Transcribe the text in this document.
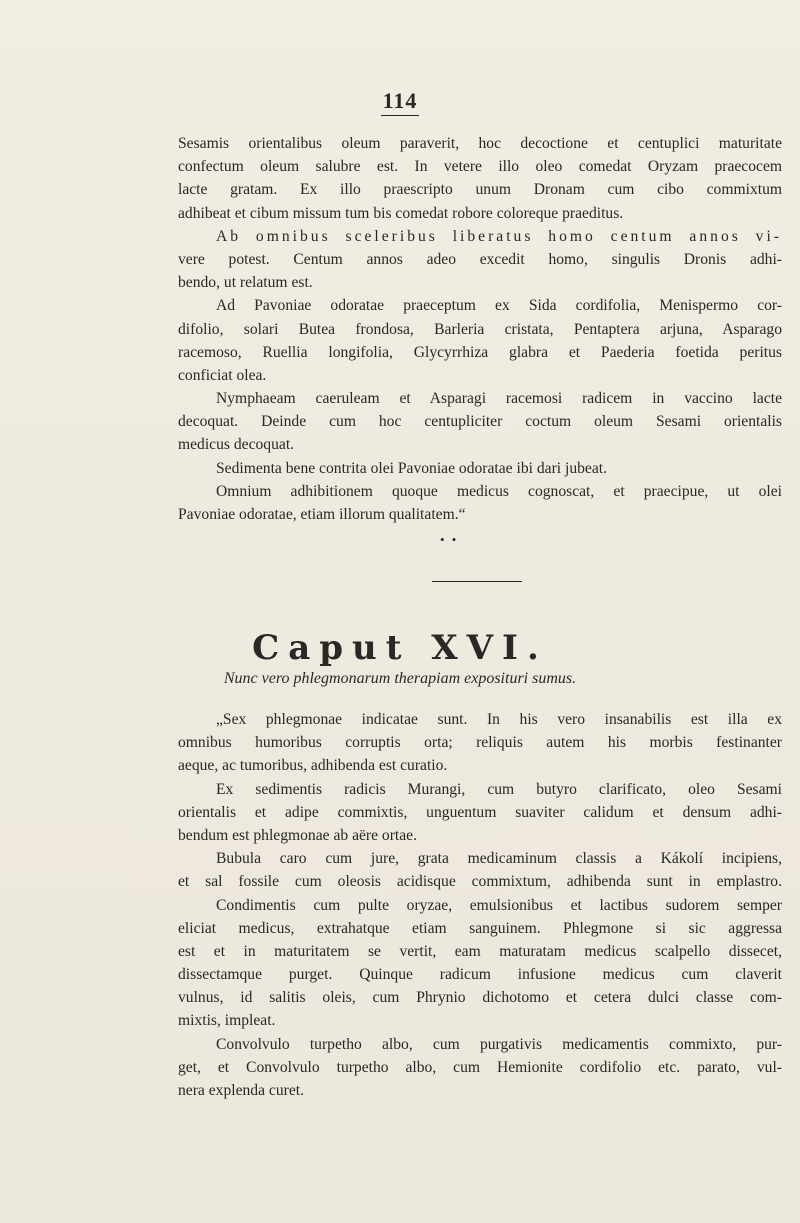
114
Sesamis orientalibus oleum paraverit, hoc decoctione et centuplici maturitate
confectum oleum salubre est. In vetere illo oleo comedat Oryzam praecocem
lacte gratam. Ex illo praescripto unum Dronam cum cibo commixtum
adhibeat et cibum missum tum bis comedat robore coloreque praeditus.
Ab omnibus sceleribus liberatus homo centum annos vi-
vere potest. Centum annos adeo excedit homo, singulis Dronis adhi-
bendo, ut relatum est.
Ad Pavoniae odoratae praeceptum ex Sida cordifolia, Menispermo cor-
difolio, solari Butea frondosa, Barleria cristata, Pentaptera arjuna, Asparago
racemoso, Ruellia longifolia, Glycyrrhiza glabra et Paederia foetida peritus
conficiat olea.
Nymphaeam caeruleam et Asparagi racemosi radicem in vaccino lacte
decoquat. Deinde cum hoc centupliciter coctum oleum Sesami orientalis
medicus decoquat.
Sedimenta bene contrita olei Pavoniae odoratae ibi dari jubeat.
Omnium adhibitionem quoque medicus cognoscat, et praecipue, ut olei
Pavoniae odoratae, etiam illorum qualitatem.“
• •
Caput XVI.
Nunc vero phlegmonarum therapiam exposituri sumus.
„Sex phlegmonae indicatae sunt. In his vero insanabilis est illa ex
omnibus humoribus corruptis orta; reliquis autem his morbis festinanter
aeque, ac tumoribus, adhibenda est curatio.
Ex sedimentis radicis Murangi, cum butyro clarificato, oleo Sesami
orientalis et adipe commixtis, unguentum suaviter calidum et densum adhi-
bendum est phlegmonae ab aëre ortae.
Bubula caro cum jure, grata medicaminum classis a Kákolí incipiens,
et sal fossile cum oleosis acidisque commixtum, adhibenda sunt in emplastro.
Condimentis cum pulte oryzae, emulsionibus et lactibus sudorem semper
eliciat medicus, extrahatque etiam sanguinem. Phlegmone si sic aggressa
est et in maturitatem se vertit, eam maturatam medicus scalpello dissecet,
dissectamque purget. Quinque radicum infusione medicus cum claverit
vulnus, id salitis oleis, cum Phrynio dichotomo et cetera dulci classe com-
mixtis, impleat.
Convolvulo turpetho albo, cum purgativis medicamentis commixto, pur-
get, et Convolvulo turpetho albo, cum Hemionite cordifolio etc. parato, vul-
nera explenda curet.
